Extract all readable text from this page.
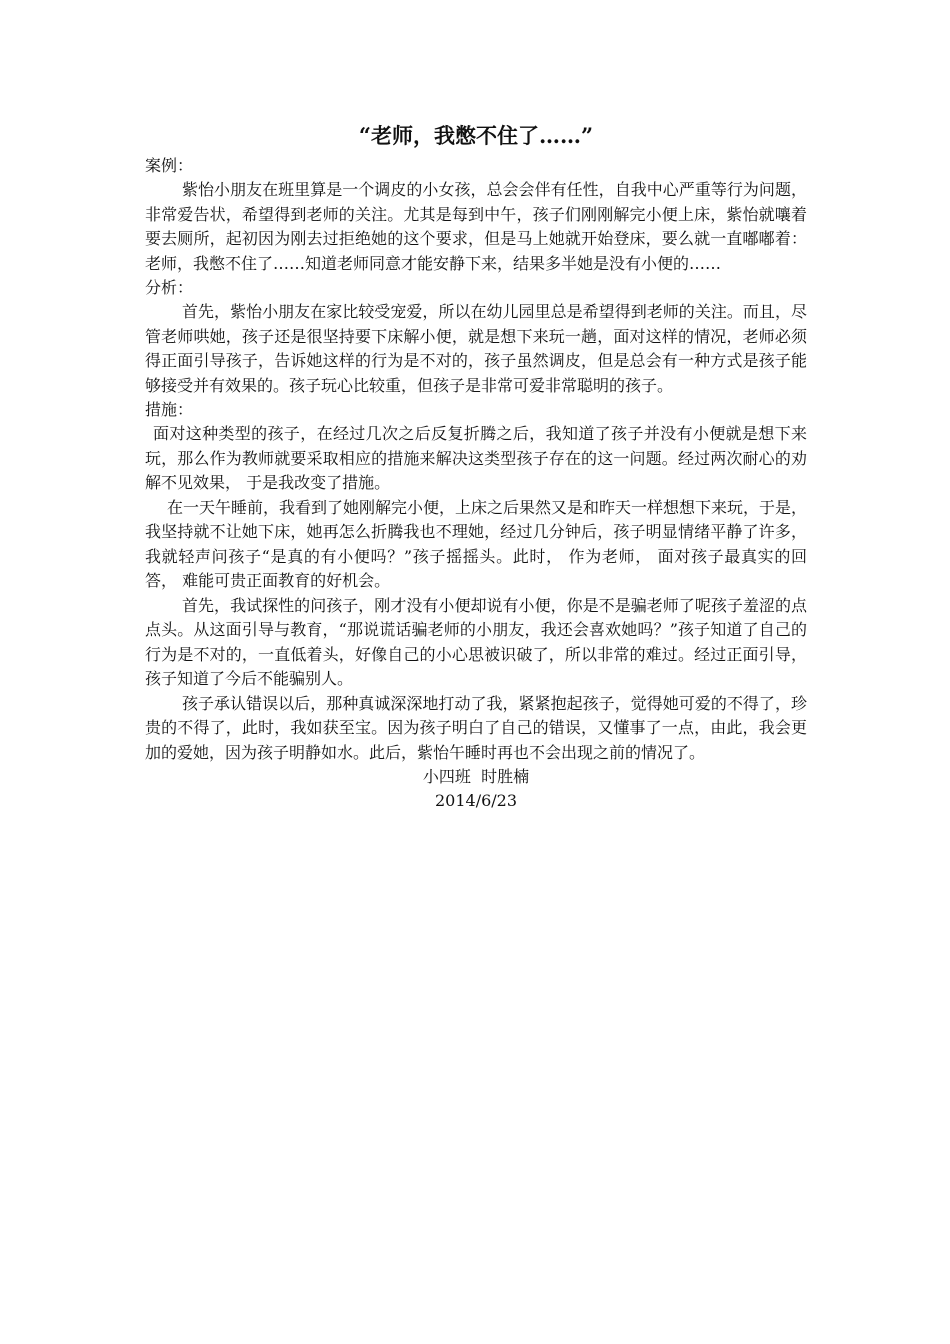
“老师，我憋不住了……”

案例：

紫怡小朋友在班里算是一个调皮的小女孩，总会会伴有任性，自我中心严重等行为问题，非常爱告状，希望得到老师的关注。尤其是每到中午，孩子们刚刚解完小便上床，紫怡就嚷着要去厕所，起初因为刚去过拒绝她的这个要求，但是马上她就开始登床，要么就一直嘟嘟着：老师，我憋不住了……知道老师同意才能安静下来，结果多半她是没有小便的……

分析：

首先，紫怡小朋友在家比较受宠爱，所以在幼儿园里总是希望得到老师的关注。而且，尽管老师哄她，孩子还是很坚持要下床解小便，就是想下来玩一趟，面对这样的情况，老师必须得正面引导孩子，告诉她这样的行为是不对的，孩子虽然调皮，但是总会有一种方式是孩子能够接受并有效果的。孩子玩心比较重，但孩子是非常可爱非常聪明的孩子。

措施：

面对这种类型的孩子，在经过几次之后反复折腾之后，我知道了孩子并没有小便就是想下来玩，那么作为教师就要采取相应的措施来解决这类型孩子存在的这一问题。经过两次耐心的劝解不见效果， 于是我改变了措施。

在一天午睡前，我看到了她刚解完小便，上床之后果然又是和昨天一样想想下来玩，于是，我坚持就不让她下床，她再怎么折腾我也不理她，经过几分钟后，孩子明显情绪平静了许多，我就轻声问孩子“是真的有小便吗？”孩子摇摇头。此时， 作为老师， 面对孩子最真实的回答， 难能可贵正面教育的好机会。

首先，我试探性的问孩子，刚才没有小便却说有小便，你是不是骗老师了呢孩子羞涩的点点头。从这面引导与教育，“那说谎话骗老师的小朋友，我还会喜欢她吗？”孩子知道了自己的行为是不对的，一直低着头，好像自己的小心思被识破了，所以非常的难过。经过正面引导，孩子知道了今后不能骗别人。

孩子承认错误以后，那种真诚深深地打动了我，紧紧抱起孩子，觉得她可爱的不得了，珍贵的不得了，此时，我如获至宝。因为孩子明白了自己的错误，又懂事了一点，由此，我会更加的爱她，因为孩子明静如水。此后，紫怡午睡时再也不会出现之前的情况了。

小四班  时胜楠

2014/6/23
